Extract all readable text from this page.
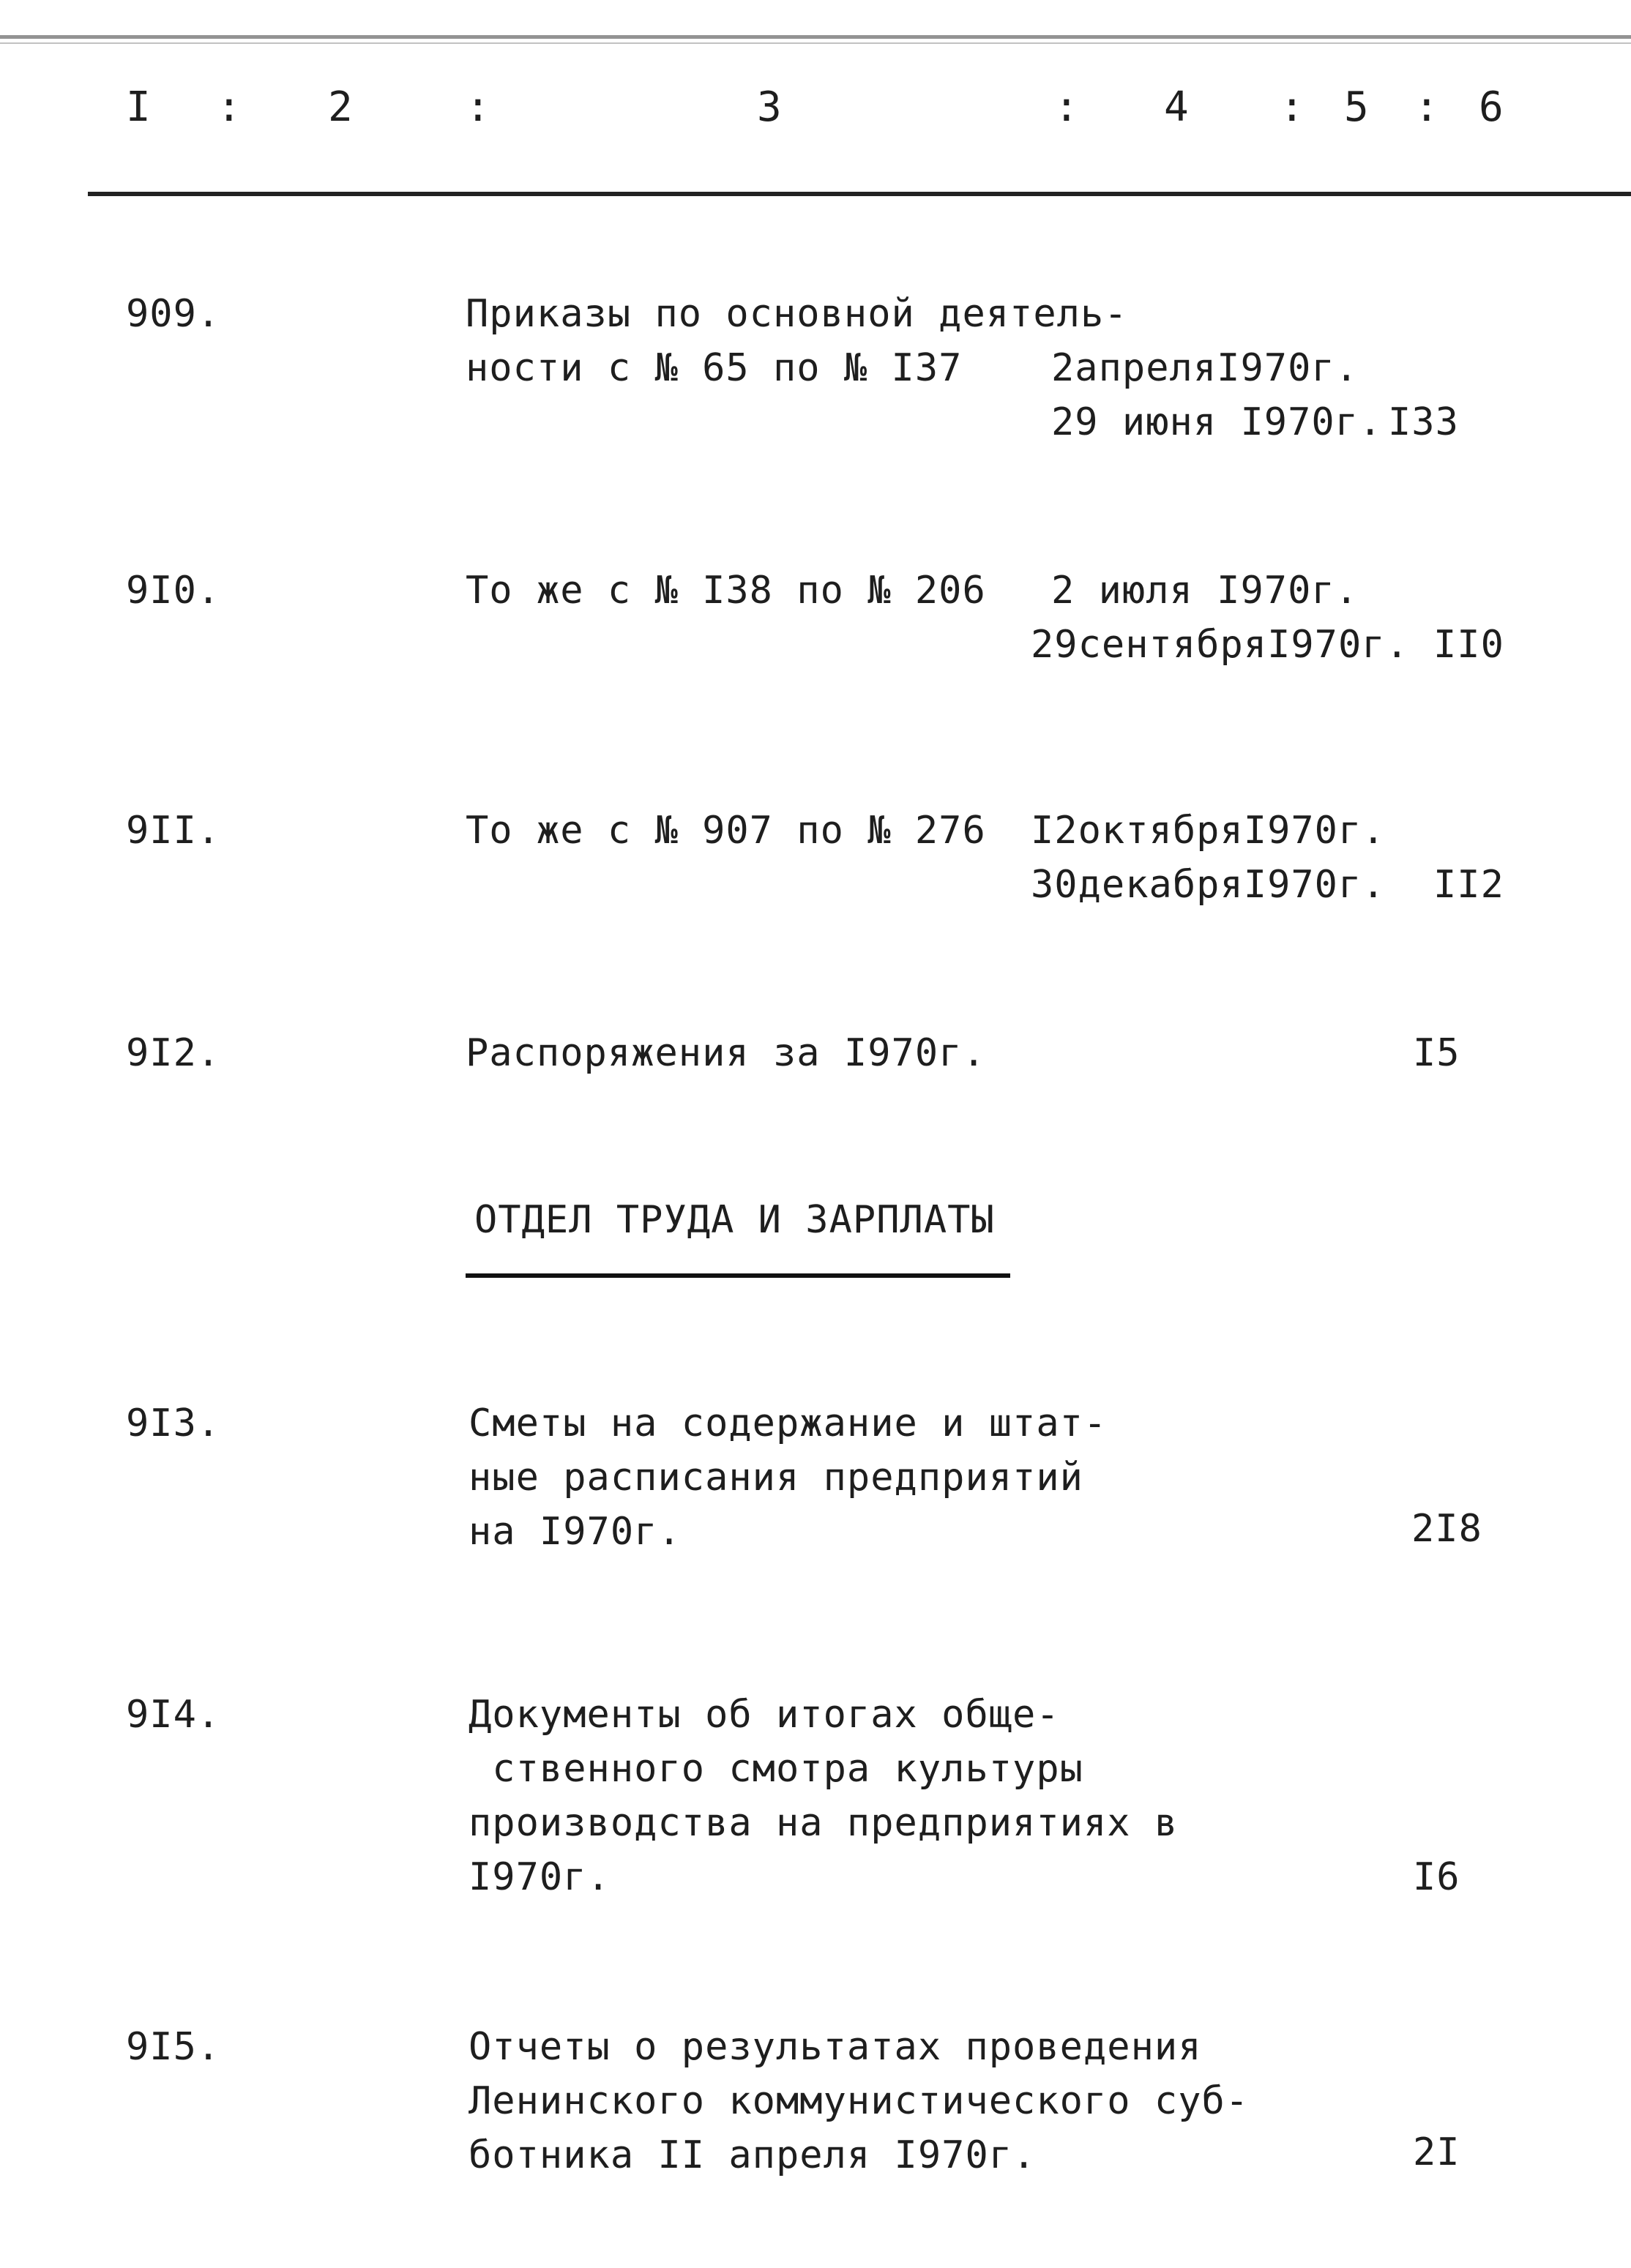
I : 2	:	3	: 4 : 5 : 6
909.	Приказы по основной деятель-
ности с № 65 по № I37 2апреляI970г.
29 июня I970г. I33
9I0.	То же с № I38 по № 206 2 июля I970г.
29сентябряI970г. II0
9II.	То же с № 907 по № 276 I2октябряI970г.
30декабряI970г. II2
9I2.	Распоряжения за I970г.	I5
ОТДЕЛ ТРУДА И ЗАРПЛАТЫ
9I3.	Сметы на содержание и штат-
ные расписания предприятий
на I970г.	2I8
9I4.	Документы об итогах обще-
ственного смотра культуры
производства на предприятиях в
I970г.	I6
9I5.	Отчеты о результатах проведения
Ленинского коммунистического суб-
ботника II апреля I970г.	2I
